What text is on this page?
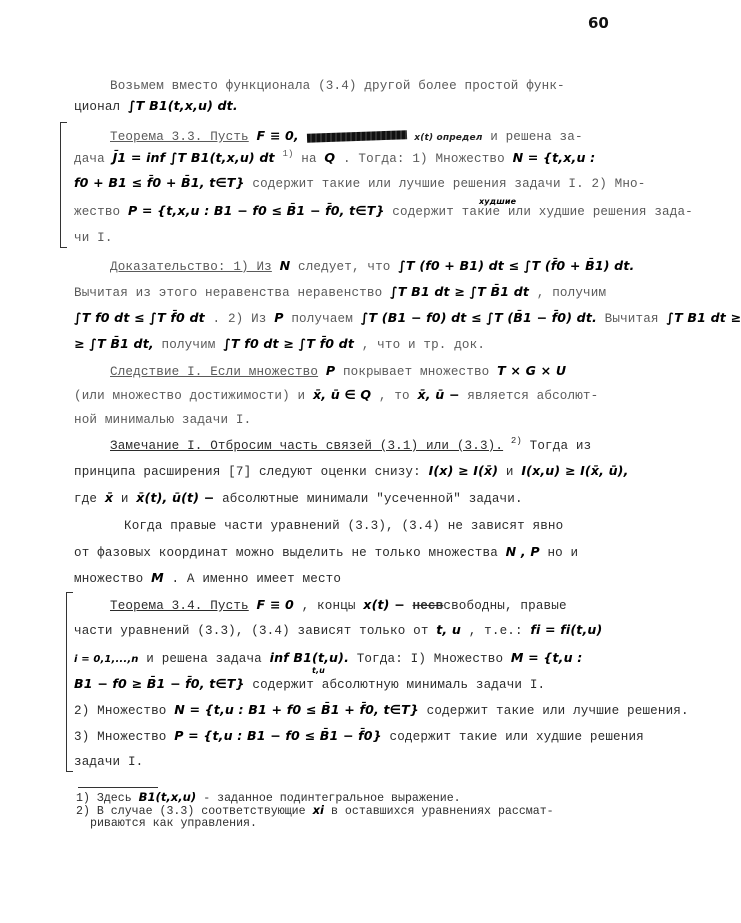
60
Возьмем вместо функционала (3.4) другой более простой функ-
ционал ∫T B1(t,x,u) dt.
Теорема 3.3. Пусть F ≡ 0,	x(t) определ и решена за-
дача J̄1 = inf ∫T B1(t,x,u) dt $^{1)}$ на Q . Тогда: 1) Множество N = {t,x,u :
f0 + B1 ≤ f̄0 + B̄1, t∈T} содержит такие или лучшие решения задачи I. 2) Мно-
жество P = {t,x,u : B1 − f0 ≤ B̄1 − f̄0, t∈T} содержит такие или худшие решения зада-
худшие
чи I.
Доказательство: 1) Из N следует, что ∫T (f0 + B1) dt ≤ ∫T (f̄0 + B̄1) dt.
Вычитая из этого неравенства неравенство ∫T B1 dt ≥ ∫T B̄1 dt , получим
∫T f0 dt ≤ ∫T f̄0 dt . 2) Из P получаем ∫T (B1 − f0) dt ≤ ∫T (B̄1 − f̄0) dt. Вычитая ∫T B1 dt ≥
≥ ∫T B̄1 dt, получим ∫T f0 dt ≥ ∫T f̄0 dt , что и тр. док.
Следствие I. Если множество P покрывает множество T × G × U
(или множество достижимости) и x̄, ū ∈ Q , то x̄, ū − является абсолют-
ной минималью задачи I.
Замечание I. Отбросим часть связей (3.1) или (3.3). $^{2)}$ Тогда из
принципа расширения [7] следуют оценки снизу: I(x) ≥ I(x̄) и I(x,u) ≥ I(x̄, ū),
где x̄ и x̄(t), ū(t) − абсолютные минимали "усеченной" задачи.
Когда правые части уравнений (3.3), (3.4) не зависят явно
от фазовых координат можно выделить не только множества N , P но и
множество M . А именно имеет место
Теорема 3.4. Пусть F ≡ 0 , концы x(t) − несвсвободны, правые
части уравнений (3.3), (3.4) зависят только от t, u , т.е.: fi = fi(t,u)
i = 0,1,...,n и решена задача inf B1(t,u).
t,u
Тогда: I) Множество M = {t,u :
B1 − f0 ≥ B̄1 − f̄0, t∈T} содержит абсолютную минималь задачи I.
2) Множество N = {t,u : B1 + f0 ≤ B̄1 + f̄0, t∈T} содержит такие или лучшие решения.
3) Множество P = {t,u : B1 − f0 ≤ B̄1 − f̄0} содержит такие или худшие решения
задачи I.
1) Здесь B1(t,x,u) - заданное подинтегральное выражение.
2) В случае (3.3) соответствующие xi в оставшихся уравнениях рассмат-
риваются как управления.
